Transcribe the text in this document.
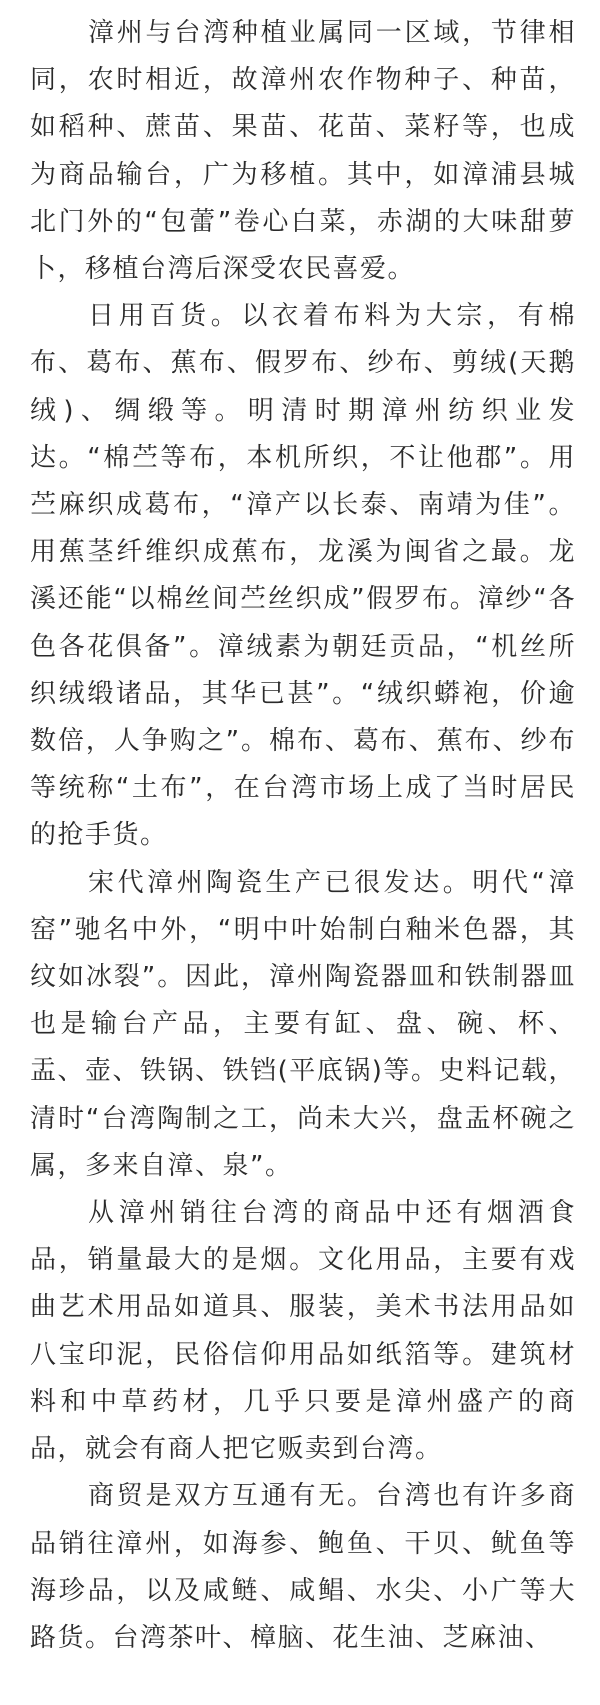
漳州与台湾种植业属同一区域，节律相同，农时相近，故漳州农作物种子、种苗，如稻种、蔗苗、果苗、花苗、菜籽等，也成为商品输台，广为移植。其中，如漳浦县城北门外的“包蕾”卷心白菜，赤湖的大味甜萝卜，移植台湾后深受农民喜爱。

日用百货。以衣着布料为大宗，有棉布、葛布、蕉布、假罗布、纱布、剪绒(天鹅绒)、绸缎等。明清时期漳州纺织业发达。“棉苎等布，本机所织，不让他郡”。用苎麻织成葛布，“漳产以长泰、南靖为佳”。用蕉茎纤维织成蕉布，龙溪为闽省之最。龙溪还能“以棉丝间苎丝织成”假罗布。漳纱“各色各花俱备”。漳绒素为朝廷贡品，“机丝所织绒缎诸品，其华已甚”。“绒织蟒袍，价逾数倍，人争购之”。棉布、葛布、蕉布、纱布等统称“土布”，在台湾市场上成了当时居民的抢手货。

宋代漳州陶瓷生产已很发达。明代“漳窑”驰名中外，“明中叶始制白釉米色器，其纹如冰裂”。因此，漳州陶瓷器皿和铁制器皿也是输台产品，主要有缸、盘、碗、杯、盂、壶、铁锅、铁铛(平底锅)等。史料记载，清时“台湾陶制之工，尚未大兴，盘盂杯碗之属，多来自漳、泉”。

从漳州销往台湾的商品中还有烟酒食品，销量最大的是烟。文化用品，主要有戏曲艺术用品如道具、服装，美术书法用品如八宝印泥，民俗信仰用品如纸箔等。建筑材料和中草药材，几乎只要是漳州盛产的商品，就会有商人把它贩卖到台湾。

商贸是双方互通有无。台湾也有许多商品销往漳州，如海参、鲍鱼、干贝、鱿鱼等海珍品，以及咸鲢、咸鲳、水尖、小广等大路货。台湾茶叶、樟脑、花生油、芝麻油、
